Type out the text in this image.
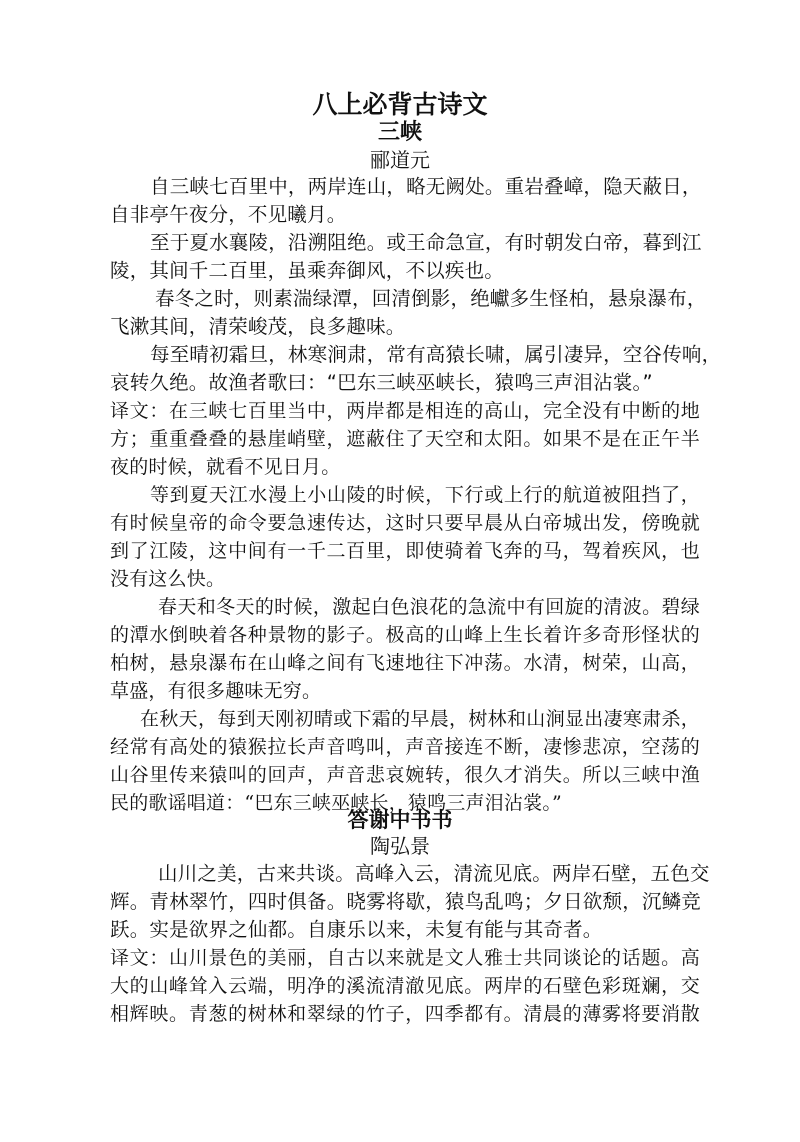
八上必背古诗文
三峡
郦道元
自三峡七百里中，两岸连山，略无阙处。重岩叠嶂，隐天蔽日，
自非亭午夜分，不见曦月。
至于夏水襄陵，沿溯阻绝。或王命急宣，有时朝发白帝，暮到江
陵，其间千二百里，虽乘奔御风，不以疾也。
春冬之时，则素湍绿潭，回清倒影，绝巘多生怪柏，悬泉瀑布，
飞漱其间，清荣峻茂，良多趣味。
每至晴初霜旦，林寒涧肃，常有高猿长啸，属引凄异，空谷传响，
哀转久绝。故渔者歌曰：“巴东三峡巫峡长，猿鸣三声泪沾裳。”
译文：在三峡七百里当中，两岸都是相连的高山，完全没有中断的地
方；重重叠叠的悬崖峭壁，遮蔽住了天空和太阳。如果不是在正午半
夜的时候，就看不见日月。
等到夏天江水漫上小山陵的时候，下行或上行的航道被阻挡了，
有时候皇帝的命令要急速传达，这时只要早晨从白帝城出发，傍晚就
到了江陵，这中间有一千二百里，即使骑着飞奔的马，驾着疾风，也
没有这么快。
春天和冬天的时候，激起白色浪花的急流中有回旋的清波。碧绿
的潭水倒映着各种景物的影子。极高的山峰上生长着许多奇形怪状的
柏树，悬泉瀑布在山峰之间有飞速地往下冲荡。水清，树荣，山高，
草盛，有很多趣味无穷。
在秋天，每到天刚初晴或下霜的早晨，树林和山涧显出凄寒肃杀，
经常有高处的猿猴拉长声音鸣叫，声音接连不断，凄惨悲凉，空荡的
山谷里传来猿叫的回声，声音悲哀婉转，很久才消失。所以三峡中渔
民的歌谣唱道：“巴东三峡巫峡长，猿鸣三声泪沾裳。”
答谢中书书
陶弘景
山川之美，古来共谈。高峰入云，清流见底。两岸石壁，五色交
辉。青林翠竹，四时俱备。晓雾将歇，猿鸟乱鸣；夕日欲颓，沉鳞竞
跃。实是欲界之仙都。自康乐以来，未复有能与其奇者。
译文：山川景色的美丽，自古以来就是文人雅士共同谈论的话题。高
大的山峰耸入云端，明净的溪流清澈见底。两岸的石壁色彩斑斓，交
相辉映。青葱的树林和翠绿的竹子，四季都有。清晨的薄雾将要消散
